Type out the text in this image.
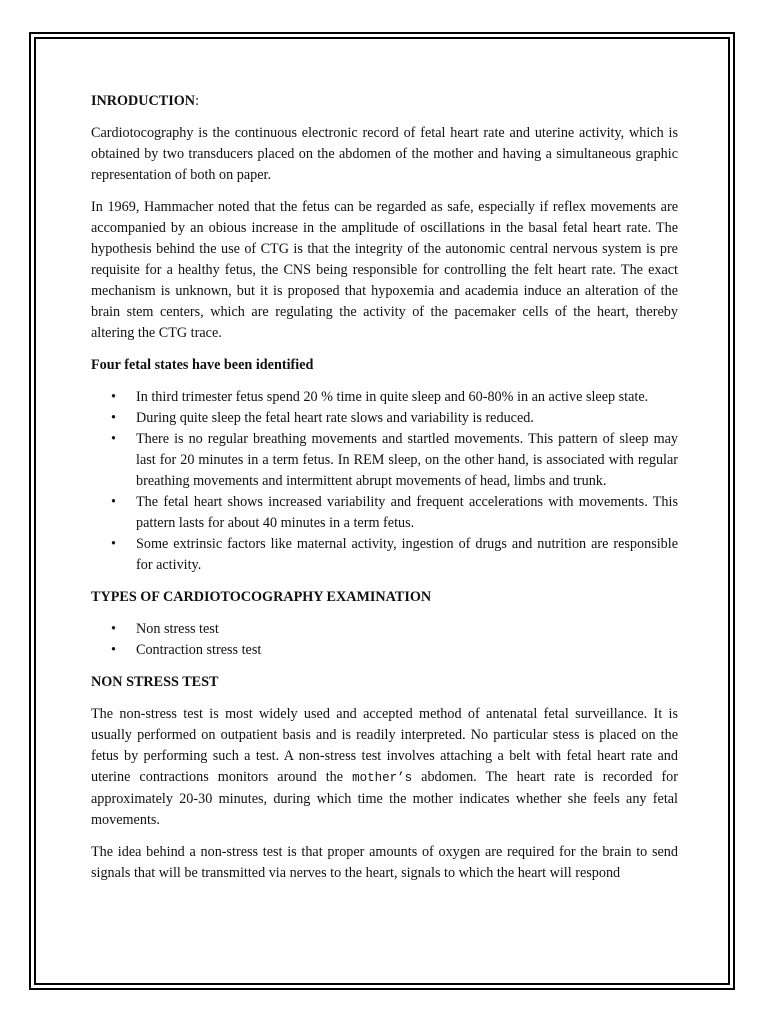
INRODUCTION:

Cardiotocography is the continuous electronic record of fetal heart rate and uterine activity, which is obtained by two transducers placed on the abdomen of the mother and having a simultaneous graphic representation of both on paper.

In 1969, Hammacher noted that the fetus can be regarded as safe, especially if reflex movements are accompanied by an obious increase in the amplitude of oscillations in the basal fetal heart rate. The hypothesis behind the use of CTG is that the integrity of the autonomic central nervous system is pre requisite for a healthy fetus, the CNS being responsible for controlling the felt heart rate. The exact mechanism is unknown, but it is proposed that hypoxemia and academia induce an alteration of the brain stem centers, which are regulating the activity of the pacemaker cells of the heart, thereby altering the CTG trace.

Four fetal states have been identified
• In third trimester fetus spend 20 % time in quite sleep and 60-80% in an active sleep state.
• During quite sleep the fetal heart rate slows and variability is reduced.
• There is no regular breathing movements and startled movements. This pattern of sleep may last for 20 minutes in a term fetus. In REM sleep, on the other hand, is associated with regular breathing movements and intermittent abrupt movements of head, limbs and trunk.
• The fetal heart shows increased variability and frequent accelerations with movements. This pattern lasts for about 40 minutes in a term fetus.
• Some extrinsic factors like maternal activity, ingestion of drugs and nutrition are responsible for activity.
TYPES OF CARDIOTOCOGRAPHY EXAMINATION
• Non stress test
• Contraction stress test
NON STRESS TEST

The non-stress test is most widely used and accepted method of antenatal fetal surveillance. It is usually performed on outpatient basis and is readily interpreted. No particular stess is placed on the fetus by performing such a test. A non-stress test involves attaching a belt with fetal heart rate and uterine contractions monitors around the mother’s abdomen. The heart rate is recorded for approximately 20-30 minutes, during which time the mother indicates whether she feels any fetal movements.

The idea behind a non-stress test is that proper amounts of oxygen are required for the brain to send signals that will be transmitted via nerves to the heart, signals to which the heart will respond
